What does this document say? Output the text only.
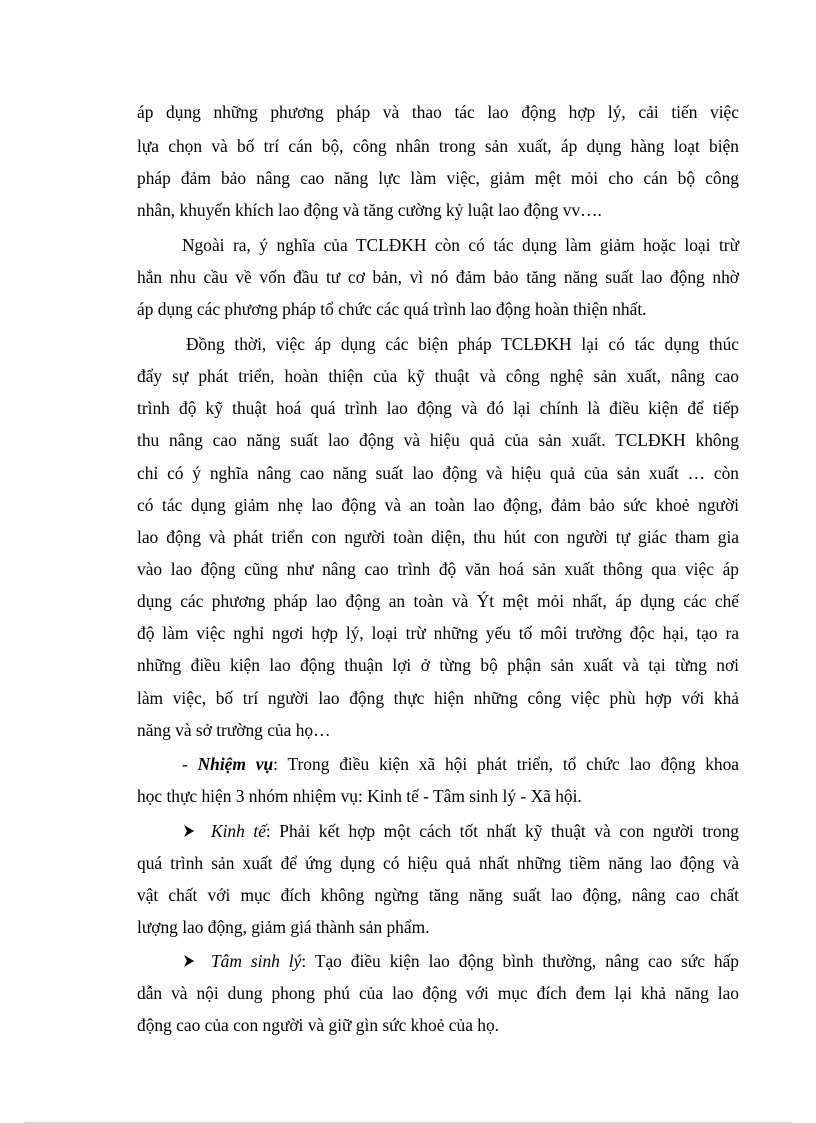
áp dụng những phương pháp và thao tác lao động hợp lý, cải tiến việc
lựa chọn và bố trí cán bộ, công nhân trong sản xuất, áp dụng hàng loạt biện
pháp đảm bảo nâng cao năng lực làm việc, giảm mệt mỏi cho cán bộ công
nhân, khuyến khích lao động và tăng cường kỷ luật lao động vv….
Ngoài ra, ý nghĩa của TCLĐKH còn có tác dụng làm giảm hoặc loại trừ
hẳn nhu cầu về vốn đầu tư cơ bản, vì nó đảm bảo tăng năng suất lao động nhờ
áp dụng các phương pháp tổ chức các quá trình lao động hoàn thiện nhất.
Đồng thời, việc áp dụng các biện pháp TCLĐKH lại có tác dụng thúc
đẩy sự phát triển, hoàn thiện của kỹ thuật và công nghệ sản xuất, nâng cao
trình độ kỹ thuật hoá quá trình lao động và đó lại chính là điều kiện để tiếp
thu nâng cao năng suất lao động và hiệu quả của sản xuất. TCLĐKH không
chỉ có ý nghĩa nâng cao năng suất lao động và hiệu quả của sản xuất … còn
có tác dụng giảm nhẹ lao động và an toàn lao động, đảm bảo sức khoẻ người
lao động và phát triển con người toàn diện, thu hút con người tự giác tham gia
vào lao động cũng như nâng cao trình độ văn hoá sản xuất thông qua việc áp
dụng các phương pháp lao động an toàn và Ýt mệt mỏi nhất, áp dụng các chế
độ làm việc nghỉ ngơi hợp lý, loại trừ những yếu tố môi trường độc hại, tạo ra
những điều kiện lao động thuận lợi ở từng bộ phận sản xuất và tại từng nơi
làm việc, bố trí người lao động thực hiện những công việc phù hợp với khả
năng và sở trường của họ…
- Nhiệm vụ: Trong điều kiện xã hội phát triển, tổ chức lao động khoa
học thực hiện 3 nhóm nhiệm vụ: Kinh tế - Tâm sinh lý - Xã hội.
Kinh tế: Phải kết hợp một cách tốt nhất kỹ thuật và con người trong
quá trình sản xuất để ứng dụng có hiệu quả nhất những tiềm năng lao động và
vật chất với mục đích không ngừng tăng năng suất lao động, nâng cao chất
lượng lao động, giảm giá thành sản phẩm.
Tâm sinh lý: Tạo điều kiện lao động bình thường, nâng cao sức hấp
dẫn và nội dung phong phú của lao động với mục đích đem lại khả năng lao
động cao của con người và giữ gìn sức khoẻ của họ.
